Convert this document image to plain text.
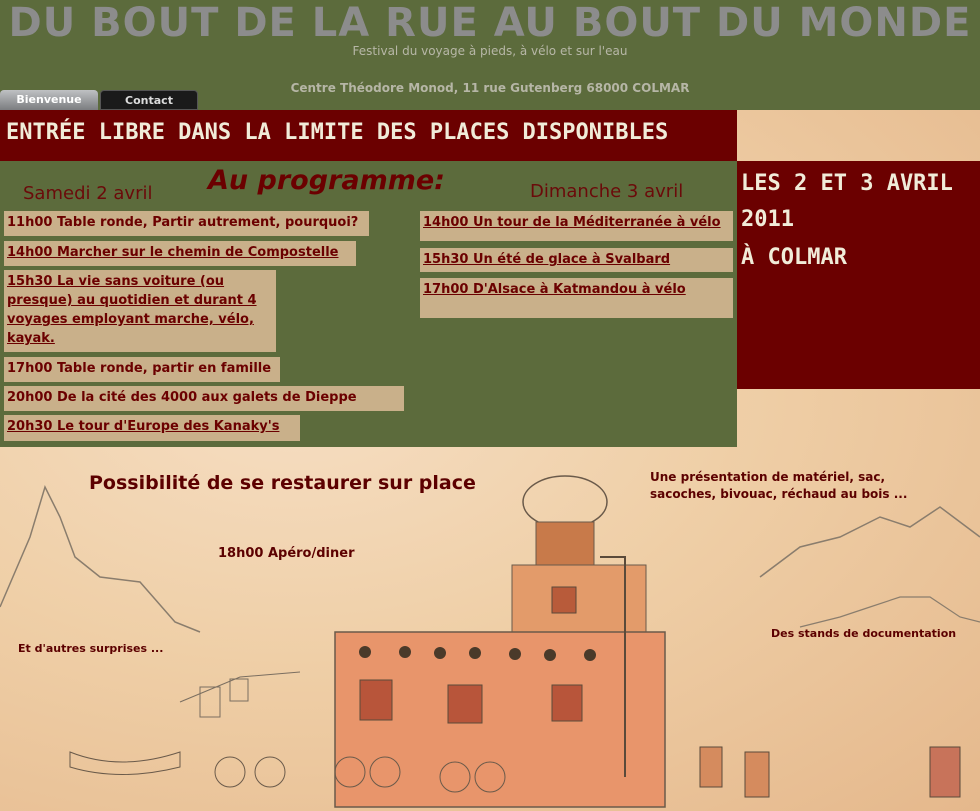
DU BOUT DE LA RUE AU BOUT DU MONDE
Festival du voyage à pieds, à vélo et sur l'eau
Centre Théodore Monod, 11 rue Gutenberg 68000 COLMAR
Bienvenue	Contact
ENTRÉE LIBRE DANS LA LIMITE DES PLACES DISPONIBLES
Samedi 2 avril Au programme:	Dimanche 3 avril
11h00 Table ronde, Partir autrement, pourquoi?
14h00 Marcher sur le chemin de Compostelle
15h30 La vie sans voiture (ou presque) au quotidien et durant 4 voyages employant marche, vélo, kayak.
17h00 Table ronde, partir en famille
20h00 De la cité des 4000 aux galets de Dieppe
20h30 Le tour d'Europe des Kanaky's
14h00 Un tour de la Méditerranée à vélo
15h30 Un été de glace à Svalbard
17h00 D'Alsace à Katmandou à vélo
LES 2 ET 3 AVRIL
2011
À COLMAR
Possibilité de se restaurer sur place
18h00 Apéro/diner
Une présentation de matériel, sac, sacoches, bivouac, réchaud au bois ...
Et d'autres surprises ...
Des stands de documentation
